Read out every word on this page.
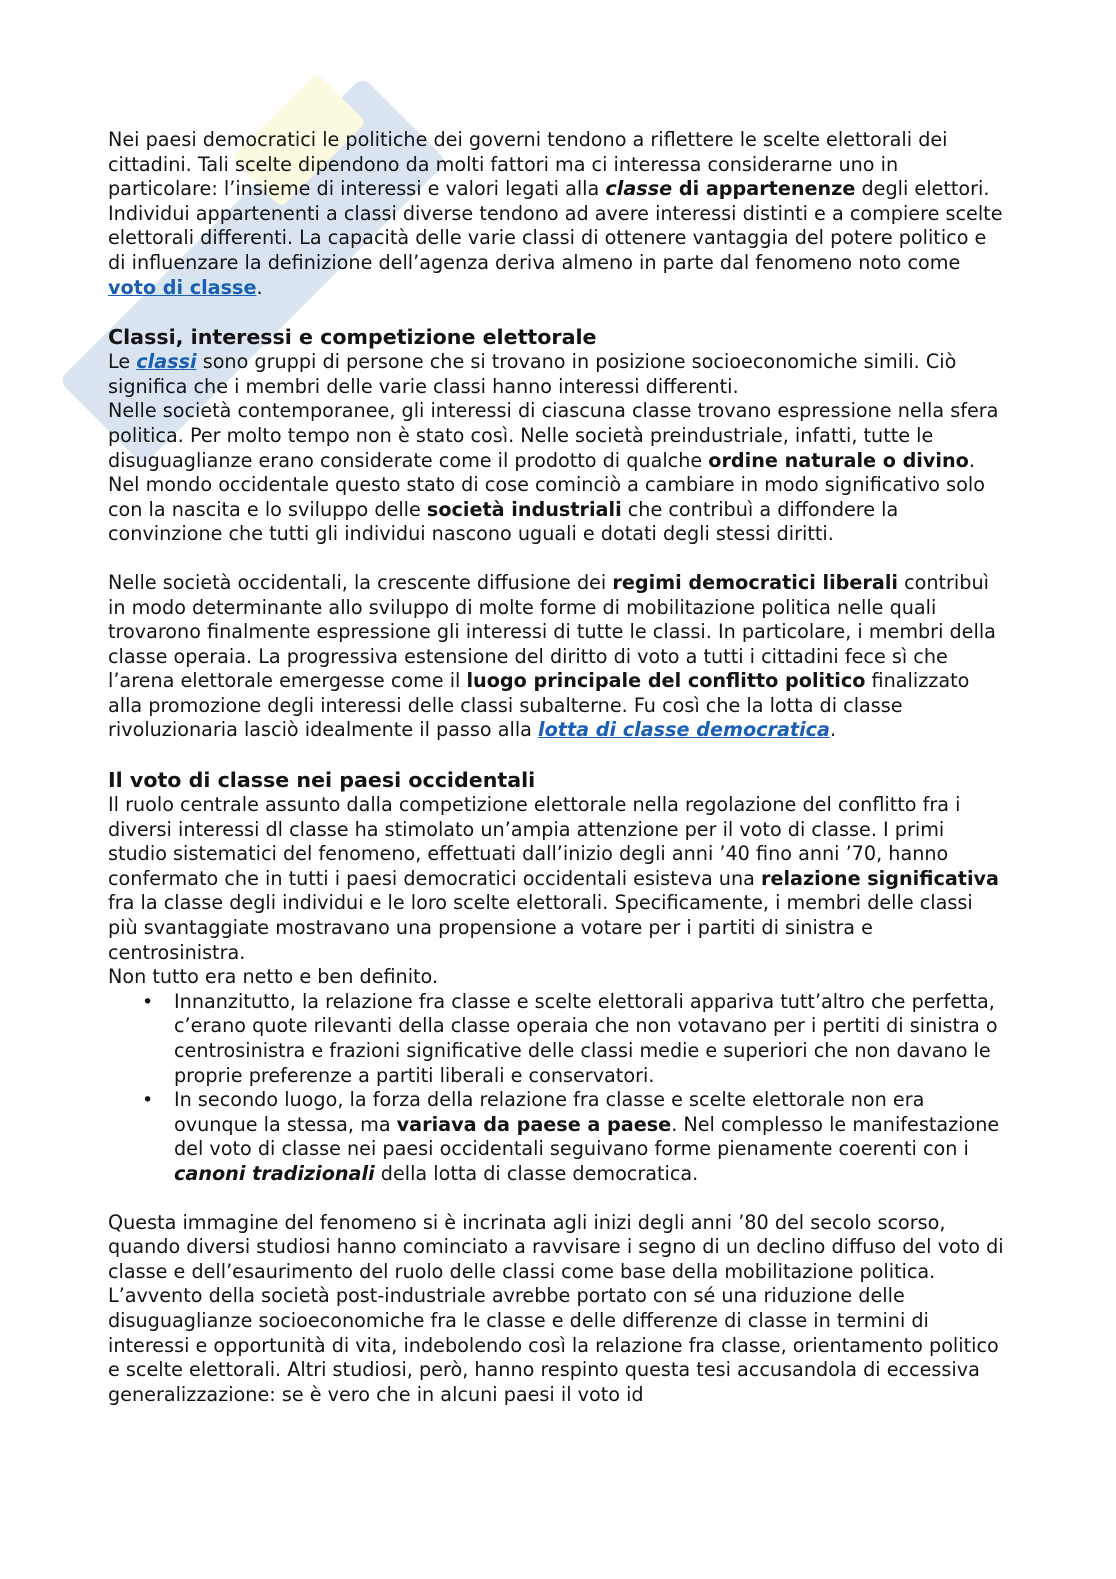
Nei paesi democratici le politiche dei governi tendono a riflettere le scelte elettorali dei cittadini. Tali scelte dipendono da molti fattori ma ci interessa considerarne uno in particolare: l’insieme di interessi e valori legati alla classe di appartenenze degli elettori. Individui appartenenti a classi diverse tendono ad avere interessi distinti e a compiere scelte elettorali differenti. La capacità delle varie classi di ottenere vantaggia del potere politico e di influenzare la definizione dell’agenza deriva almeno in parte dal fenomeno noto come voto di classe.

Classi, interessi e competizione elettorale

Le classi sono gruppi di persone che si trovano in posizione socioeconomiche simili. Ciò significa che i membri delle varie classi hanno interessi differenti.

Nelle società contemporanee, gli interessi di ciascuna classe trovano espressione nella sfera politica. Per molto tempo non è stato così. Nelle società preindustriale, infatti, tutte le disuguaglianze erano considerate come il prodotto di qualche ordine naturale o divino. Nel mondo occidentale questo stato di cose cominciò a cambiare in modo significativo solo con la nascita e lo sviluppo delle società industriali che contribuì a diffondere la convinzione che tutti gli individui nascono uguali e dotati degli stessi diritti.

Nelle società occidentali, la crescente diffusione dei regimi democratici liberali contribuì in modo determinante allo sviluppo di molte forme di mobilitazione politica nelle quali trovarono finalmente espressione gli interessi di tutte le classi. In particolare, i membri della classe operaia. La progressiva estensione del diritto di voto a tutti i cittadini fece sì che l’arena elettorale emergesse come il luogo principale del conflitto politico finalizzato alla promozione degli interessi delle classi subalterne. Fu così che la lotta di classe rivoluzionaria lasciò idealmente il passo alla lotta di classe democratica.

Il voto di classe nei paesi occidentali

Il ruolo centrale assunto dalla competizione elettorale nella regolazione del conflitto fra i diversi interessi dl classe ha stimolato un’ampia attenzione per il voto di classe. I primi studio sistematici del fenomeno, effettuati dall’inizio degli anni ’40 fino anni ’70, hanno confermato che in tutti i paesi democratici occidentali esisteva una relazione significativa fra la classe degli individui e le loro scelte elettorali. Specificamente, i membri delle classi più svantaggiate mostravano una propensione a votare per i partiti di sinistra e centrosinistra.

Non tutto era netto e ben definito.

• Innanzitutto, la relazione fra classe e scelte elettorali appariva tutt’altro che perfetta, c’erano quote rilevanti della classe operaia che non votavano per i pertiti di sinistra o centrosinistra e frazioni significative delle classi medie e superiori che non davano le proprie preferenze a partiti liberali e conservatori.
• In secondo luogo, la forza della relazione fra classe e scelte elettorale non era ovunque la stessa, ma variava da paese a paese. Nel complesso le manifestazione del voto di classe nei paesi occidentali seguivano forme pienamente coerenti con i canoni tradizionali della lotta di classe democratica.

Questa immagine del fenomeno si è incrinata agli inizi degli anni ’80 del secolo scorso, quando diversi studiosi hanno cominciato a ravvisare i segno di un declino diffuso del voto di classe e dell’esaurimento del ruolo delle classi come base della mobilitazione politica. L’avvento della società post-industriale avrebbe portato con sé una riduzione delle disuguaglianze socioeconomiche fra le classe e delle differenze di classe in termini di interessi e opportunità di vita, indebolendo così la relazione fra classe, orientamento politico e scelte elettorali. Altri studiosi, però, hanno respinto questa tesi accusandola di eccessiva generalizzazione: se è vero che in alcuni paesi il voto id
